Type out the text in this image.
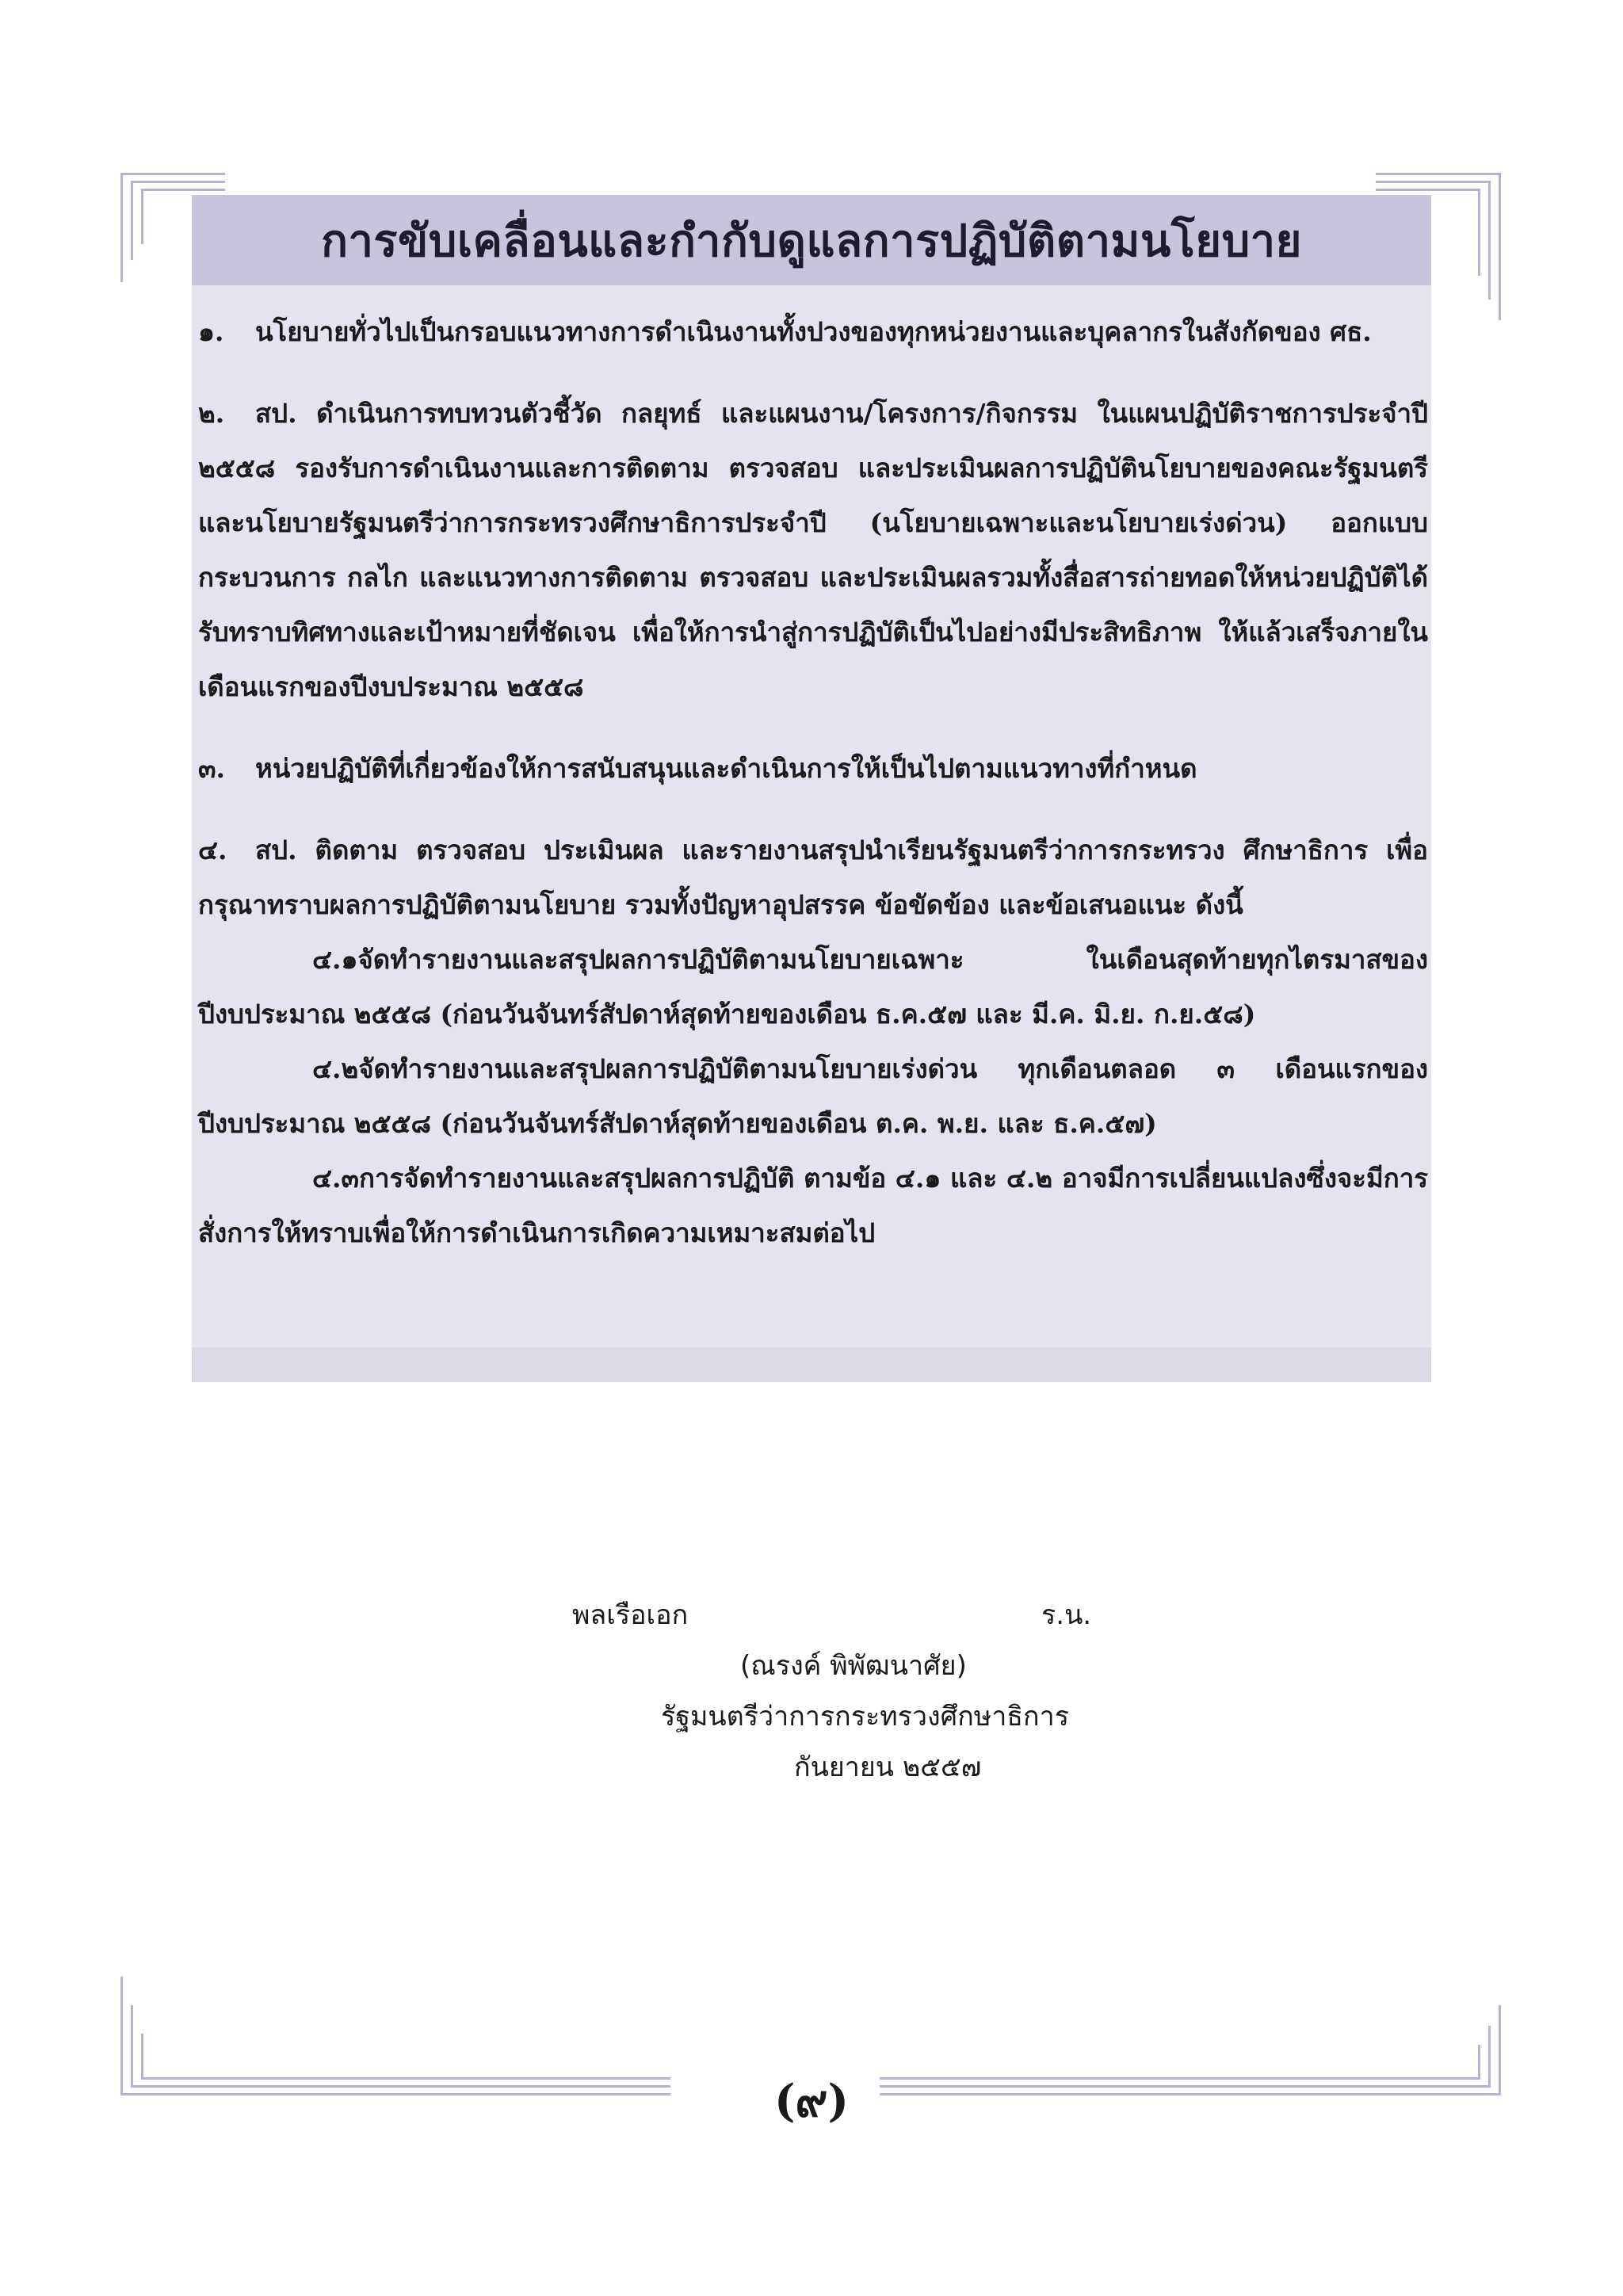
การขับเคลื่อนและกำกับดูแลการปฏิบัติตามนโยบาย

๑. นโยบายทั่วไปเป็นกรอบแนวทางการดำเนินงานทั้งปวงของทุกหน่วยงานและบุคลากรในสังกัดของ ศธ.

๒. สป. ดำเนินการทบทวนตัวชี้วัด กลยุทธ์ และแผนงาน/โครงการ/กิจกรรม ในแผนปฏิบัติราชการประจำปี ๒๕๕๘ รองรับการดำเนินงานและการติดตาม ตรวจสอบ และประเมินผลการปฏิบัตินโยบายของคณะรัฐมนตรีและนโยบายรัฐมนตรีว่าการกระทรวงศึกษาธิการประจำปี (นโยบายเฉพาะและนโยบายเร่งด่วน) ออกแบบกระบวนการ กลไก และแนวทางการติดตาม ตรวจสอบ และประเมินผลรวมทั้งสื่อสารถ่ายทอดให้หน่วยปฏิบัติได้รับทราบทิศทางและเป้าหมายที่ชัดเจน เพื่อให้การนำสู่การปฏิบัติเป็นไปอย่างมีประสิทธิภาพ ให้แล้วเสร็จภายในเดือนแรกของปีงบประมาณ ๒๕๕๘

๓. หน่วยปฏิบัติที่เกี่ยวข้องให้การสนับสนุนและดำเนินการให้เป็นไปตามแนวทางที่กำหนด

๔. สป. ติดตาม ตรวจสอบ ประเมินผล และรายงานสรุปนำเรียนรัฐมนตรีว่าการกระทรวง ศึกษาธิการ เพื่อกรุณาทราบผลการปฏิบัติตามนโยบาย รวมทั้งปัญหาอุปสรรค ข้อขัดข้อง และข้อเสนอแนะ ดังนี้

๔.๑จัดทำรายงานและสรุปผลการปฏิบัติตามนโยบายเฉพาะ ในเดือนสุดท้ายทุกไตรมาสของปีงบประมาณ ๒๕๕๘ (ก่อนวันจันทร์สัปดาห์สุดท้ายของเดือน ธ.ค.๕๗ และ มี.ค. มิ.ย. ก.ย.๕๘)

๔.๒จัดทำรายงานและสรุปผลการปฏิบัติตามนโยบายเร่งด่วน ทุกเดือนตลอด ๓ เดือนแรกของปีงบประมาณ ๒๕๕๘ (ก่อนวันจันทร์สัปดาห์สุดท้ายของเดือน ต.ค. พ.ย. และ ธ.ค.๕๗)

๔.๓การจัดทำรายงานและสรุปผลการปฏิบัติ ตามข้อ ๔.๑ และ ๔.๒ อาจมีการเปลี่ยนแปลงซึ่งจะมีการสั่งการให้ทราบเพื่อให้การดำเนินการเกิดความเหมาะสมต่อไป

พลเรือเอก	ร.น.
(ณรงค์ พิพัฒนาศัย)
รัฐมนตรีว่าการกระทรวงศึกษาธิการ
กันยายน ๒๕๕๗
(๙)
